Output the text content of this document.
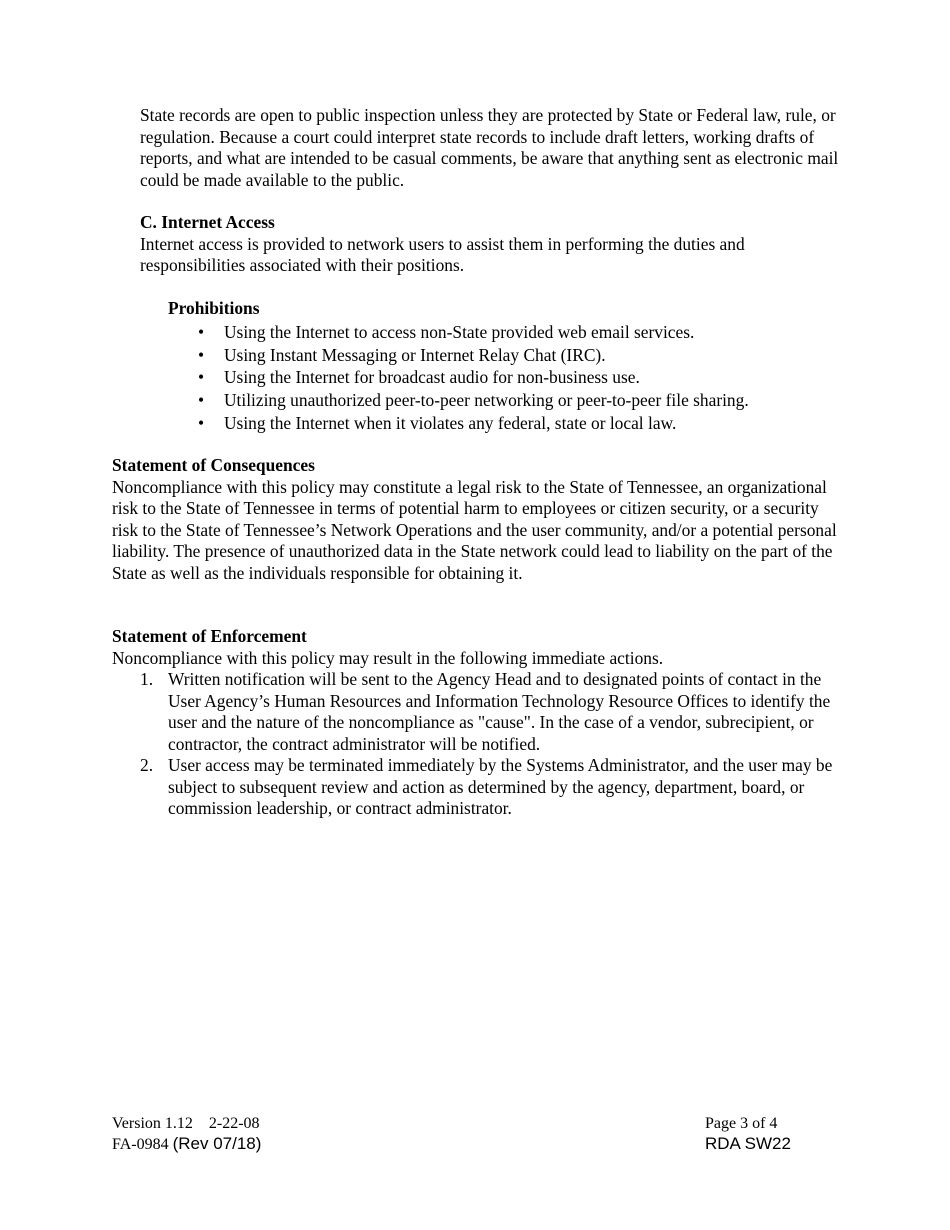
State records are open to public inspection unless they are protected by State or Federal law, rule, or regulation. Because a court could interpret state records to include draft letters, working drafts of reports, and what are intended to be casual comments, be aware that anything sent as electronic mail could be made available to the public.

C. Internet Access

Internet access is provided to network users to assist them in performing the duties and responsibilities associated with their positions.

Prohibitions

• Using the Internet to access non-State provided web email services.
• Using Instant Messaging or Internet Relay Chat (IRC).
• Using the Internet for broadcast audio for non-business use.
• Utilizing unauthorized peer-to-peer networking or peer-to-peer file sharing.
• Using the Internet when it violates any federal, state or local law.

Statement of Consequences

Noncompliance with this policy may constitute a legal risk to the State of Tennessee, an organizational risk to the State of Tennessee in terms of potential harm to employees or citizen security, or a security risk to the State of Tennessee’s Network Operations and the user community, and/or a potential personal liability. The presence of unauthorized data in the State network could lead to liability on the part of the State as well as the individuals responsible for obtaining it.

Statement of Enforcement

Noncompliance with this policy may result in the following immediate actions.

1. Written notification will be sent to the Agency Head and to designated points of contact in the User Agency’s Human Resources and Information Technology Resource Offices to identify the user and the nature of the noncompliance as "cause". In the case of a vendor, subrecipient, or contractor, the contract administrator will be notified.
2. User access may be terminated immediately by the Systems Administrator, and the user may be subject to subsequent review and action as determined by the agency, department, board, or commission leadership, or contract administrator.
Version 1.12    2-22-08
FA-0984 (Rev 07/18)
Page 3 of 4
RDA SW22
